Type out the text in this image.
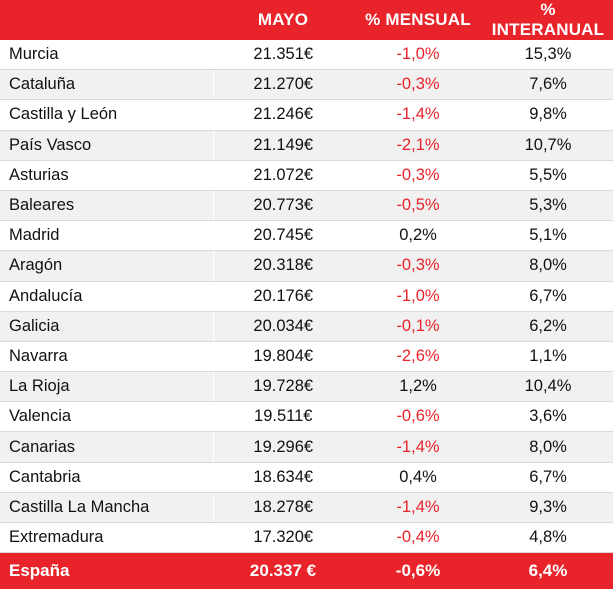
	MAYO	% MENSUAL	% INTERANUAL
Murcia	21.351€	-1,0%	15,3%
Cataluña	21.270€	-0,3%	7,6%
Castilla y León	21.246€	-1,4%	9,8%
País Vasco	21.149€	-2,1%	10,7%
Asturias	21.072€	-0,3%	5,5%
Baleares	20.773€	-0,5%	5,3%
Madrid	20.745€	0,2%	5,1%
Aragón	20.318€	-0,3%	8,0%
Andalucía	20.176€	-1,0%	6,7%
Galicia	20.034€	-0,1%	6,2%
Navarra	19.804€	-2,6%	1,1%
La Rioja	19.728€	1,2%	10,4%
Valencia	19.511€	-0,6%	3,6%
Canarias	19.296€	-1,4%	8,0%
Cantabria	18.634€	0,4%	6,7%
Castilla La Mancha	18.278€	-1,4%	9,3%
Extremadura	17.320€	-0,4%	4,8%
España	20.337 €	-0,6%	6,4%
